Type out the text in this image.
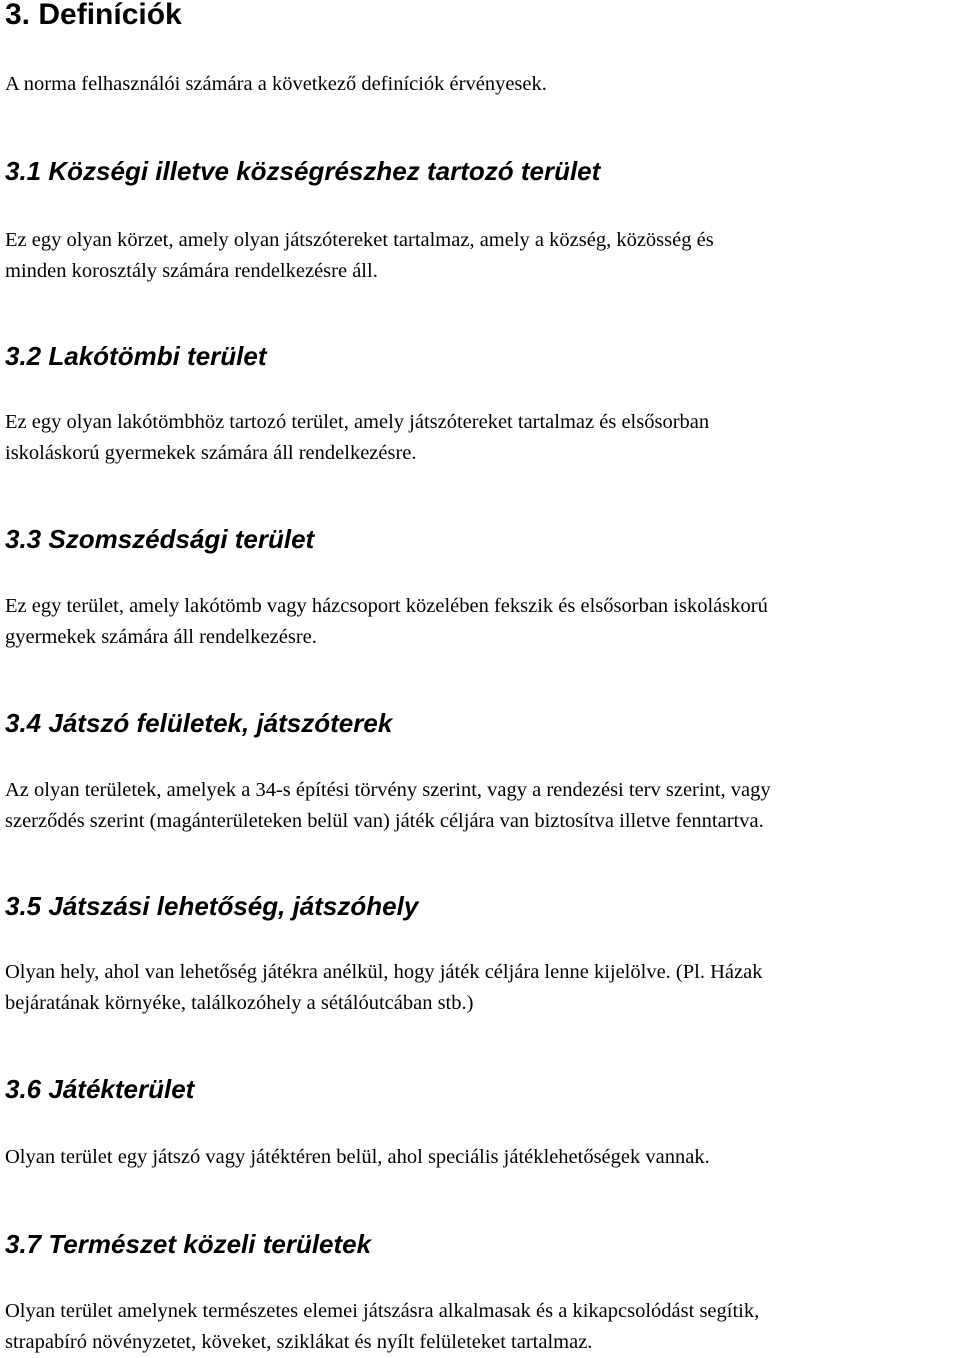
3. Definíciók

A norma felhasználói számára a következő definíciók érvényesek.

3.1 Községi illetve községrészhez tartozó terület

Ez egy olyan körzet, amely olyan játszótereket tartalmaz, amely a község, közösség és
minden korosztály számára rendelkezésre áll.

3.2 Lakótömbi terület

Ez egy olyan lakótömbhöz tartozó terület, amely játszótereket tartalmaz és elsősorban
iskoláskorú gyermekek számára áll rendelkezésre.

3.3 Szomszédsági terület

Ez egy terület, amely lakótömb vagy házcsoport közelében fekszik és elsősorban iskoláskorú
gyermekek számára áll rendelkezésre.

3.4 Játszó felületek, játszóterek

Az olyan területek, amelyek a 34-s építési törvény szerint, vagy a rendezési terv szerint, vagy
szerződés szerint (magánterületeken belül van) játék céljára van biztosítva illetve fenntartva.

3.5 Játszási lehetőség, játszóhely

Olyan hely, ahol van lehetőség játékra anélkül, hogy játék céljára lenne kijelölve. (Pl. Házak
bejáratának környéke, találkozóhely a sétálóutcában stb.)

3.6 Játékterület

Olyan terület egy játszó vagy játéktéren belül, ahol speciális játéklehetőségek vannak.

3.7 Természet közeli területek

Olyan terület amelynek természetes elemei játszásra alkalmasak és a kikapcsolódást segítik,
strapabíró növényzetet, köveket, sziklákat és nyílt felületeket tartalmaz.
